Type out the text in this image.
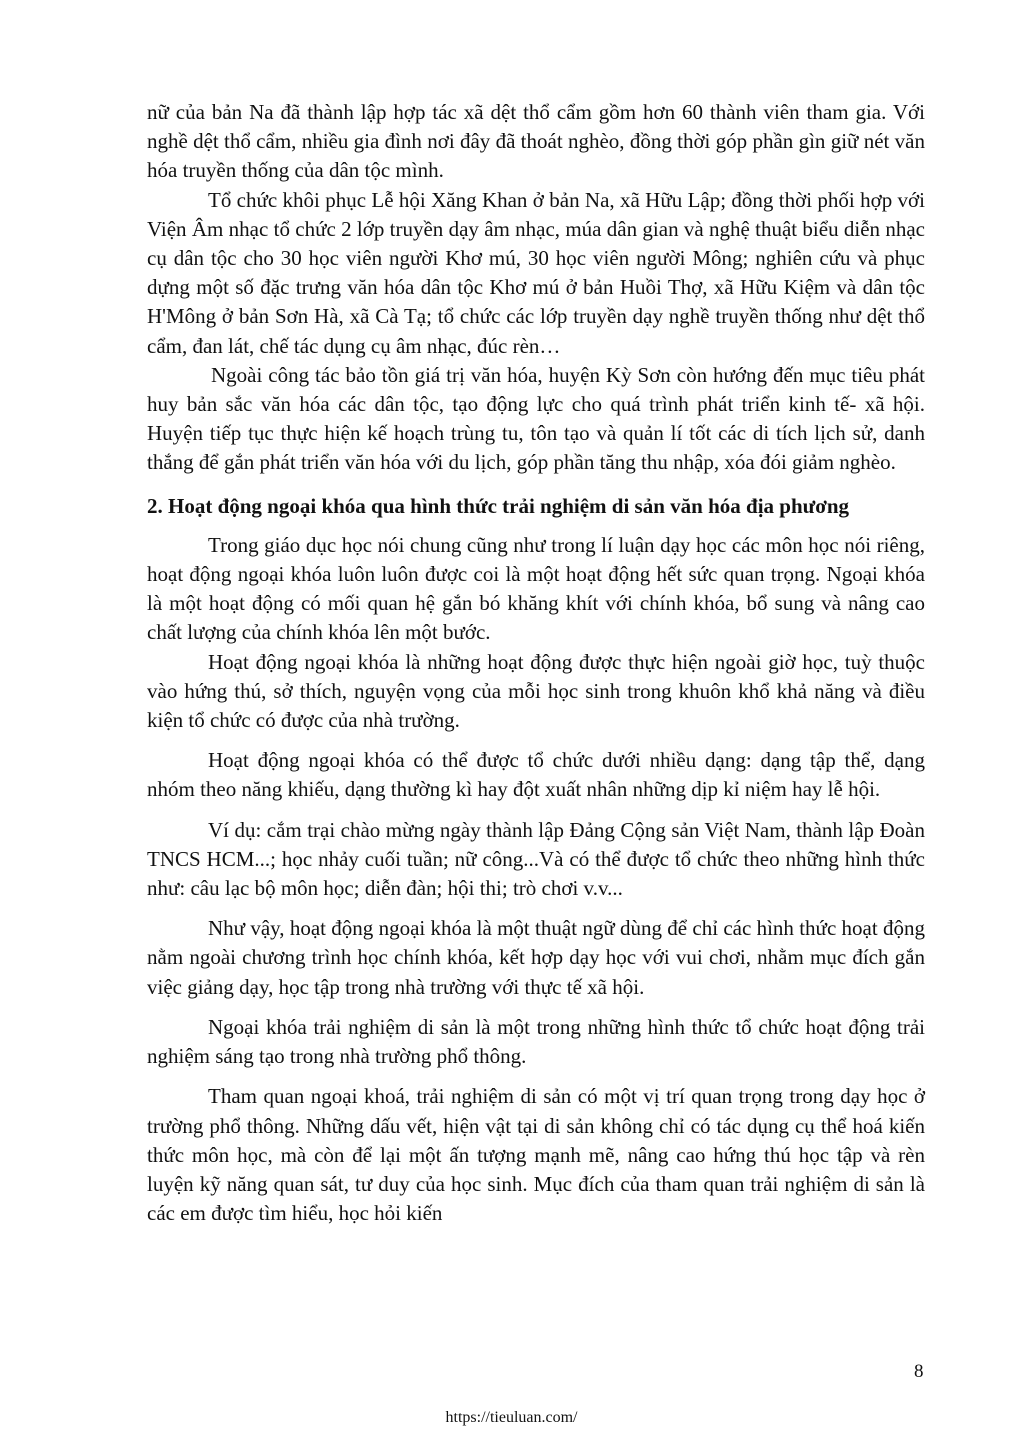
nữ của bản Na đã thành lập hợp tác xã dệt thổ cẩm gồm hơn 60 thành viên tham gia. Với nghề dệt thổ cẩm, nhiều gia đình nơi đây đã thoát nghèo, đồng thời góp phần gìn giữ nét văn hóa truyền thống của dân tộc mình.

Tổ chức khôi phục Lễ hội Xăng Khan ở bản Na, xã Hữu Lập; đồng thời phối hợp với Viện Âm nhạc tổ chức 2 lớp truyền dạy âm nhạc, múa dân gian và nghệ thuật biểu diễn nhạc cụ dân tộc cho 30 học viên người Khơ mú, 30 học viên người Mông; nghiên cứu và phục dựng một số đặc trưng văn hóa dân tộc Khơ mú ở bản Huồi Thợ, xã Hữu Kiệm và dân tộc H'Mông ở bản Sơn Hà, xã Cà Tạ; tổ chức các lớp truyền dạy nghề truyền thống như dệt thổ cẩm, đan lát, chế tác dụng cụ âm nhạc, đúc rèn…

Ngoài công tác bảo tồn giá trị văn hóa, huyện Kỳ Sơn còn hướng đến mục tiêu phát huy bản sắc văn hóa các dân tộc, tạo động lực cho quá trình phát triển kinh tế- xã hội. Huyện tiếp tục thực hiện kế hoạch trùng tu, tôn tạo và quản lí tốt các di tích lịch sử, danh thắng để gắn phát triển văn hóa với du lịch, góp phần tăng thu nhập, xóa đói giảm nghèo.

2. Hoạt động ngoại khóa qua hình thức trải nghiệm di sản văn hóa địa phương

Trong giáo dục học nói chung cũng như trong lí luận dạy học các môn học nói riêng, hoạt động ngoại khóa luôn luôn được coi là một hoạt động hết sức quan trọng. Ngoại khóa là một hoạt động có mối quan hệ gắn bó khăng khít với chính khóa, bổ sung và nâng cao chất lượng của chính khóa lên một bước.

Hoạt động ngoại khóa là những hoạt động được thực hiện ngoài giờ học, tuỳ thuộc vào hứng thú, sở thích, nguyện vọng của mỗi học sinh trong khuôn khổ khả năng và điều kiện tổ chức có được của nhà trường.

Hoạt động ngoại khóa có thể được tổ chức dưới nhiều dạng: dạng tập thể, dạng nhóm theo năng khiếu, dạng thường kì hay đột xuất nhân những dịp kỉ niệm hay lễ hội.

Ví dụ: cắm trại chào mừng ngày thành lập Đảng Cộng sản Việt Nam, thành lập Đoàn TNCS HCM...; học nhảy cuối tuần; nữ công...Và có thể được tổ chức theo những hình thức như: câu lạc bộ môn học; diễn đàn; hội thi; trò chơi v.v...

Như vậy, hoạt động ngoại khóa là một thuật ngữ dùng để chỉ các hình thức hoạt động nằm ngoài chương trình học chính khóa, kết hợp dạy học với vui chơi, nhằm mục đích gắn việc giảng dạy, học tập trong nhà trường với thực tế xã hội.

Ngoại khóa trải nghiệm di sản là một trong những hình thức tổ chức hoạt động trải nghiệm sáng tạo trong nhà trường phổ thông.

Tham quan ngoại khoá, trải nghiệm di sản có một vị trí quan trọng trong dạy học ở trường phổ thông. Những dấu vết, hiện vật tại di sản không chỉ có tác dụng cụ thể hoá kiến thức môn học, mà còn để lại một ấn tượng mạnh mẽ, nâng cao hứng thú học tập và rèn luyện kỹ năng quan sát, tư duy của học sinh. Mục đích của tham quan trải nghiệm di sản là các em được tìm hiểu, học hỏi kiến

8
https://tieuluan.com/
